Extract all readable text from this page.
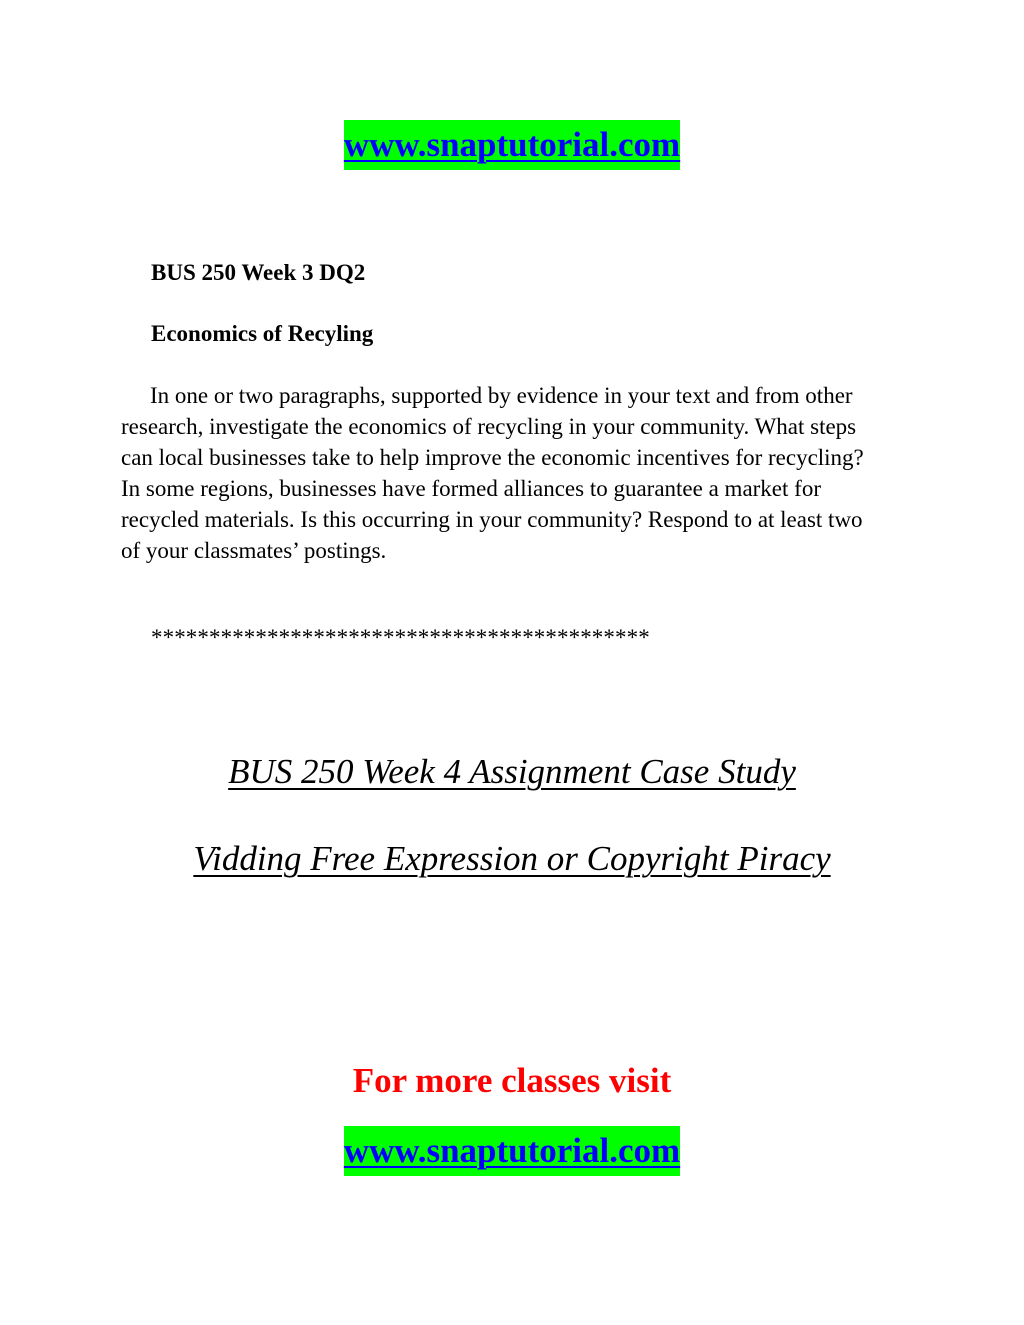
www.snaptutorial.com
BUS 250 Week 3 DQ2
Economics of Recyling
In one or two paragraphs, supported by evidence in your text and from other research, investigate the economics of recycling in your community. What steps can local businesses take to help improve the economic incentives for recycling? In some regions, businesses have formed alliances to guarantee a market for recycled materials. Is this occurring in your community? Respond to at least two of your classmates’ postings.
*******************************************
BUS 250 Week 4 Assignment Case Study
Vidding Free Expression or Copyright Piracy
For more classes visit
www.snaptutorial.com
